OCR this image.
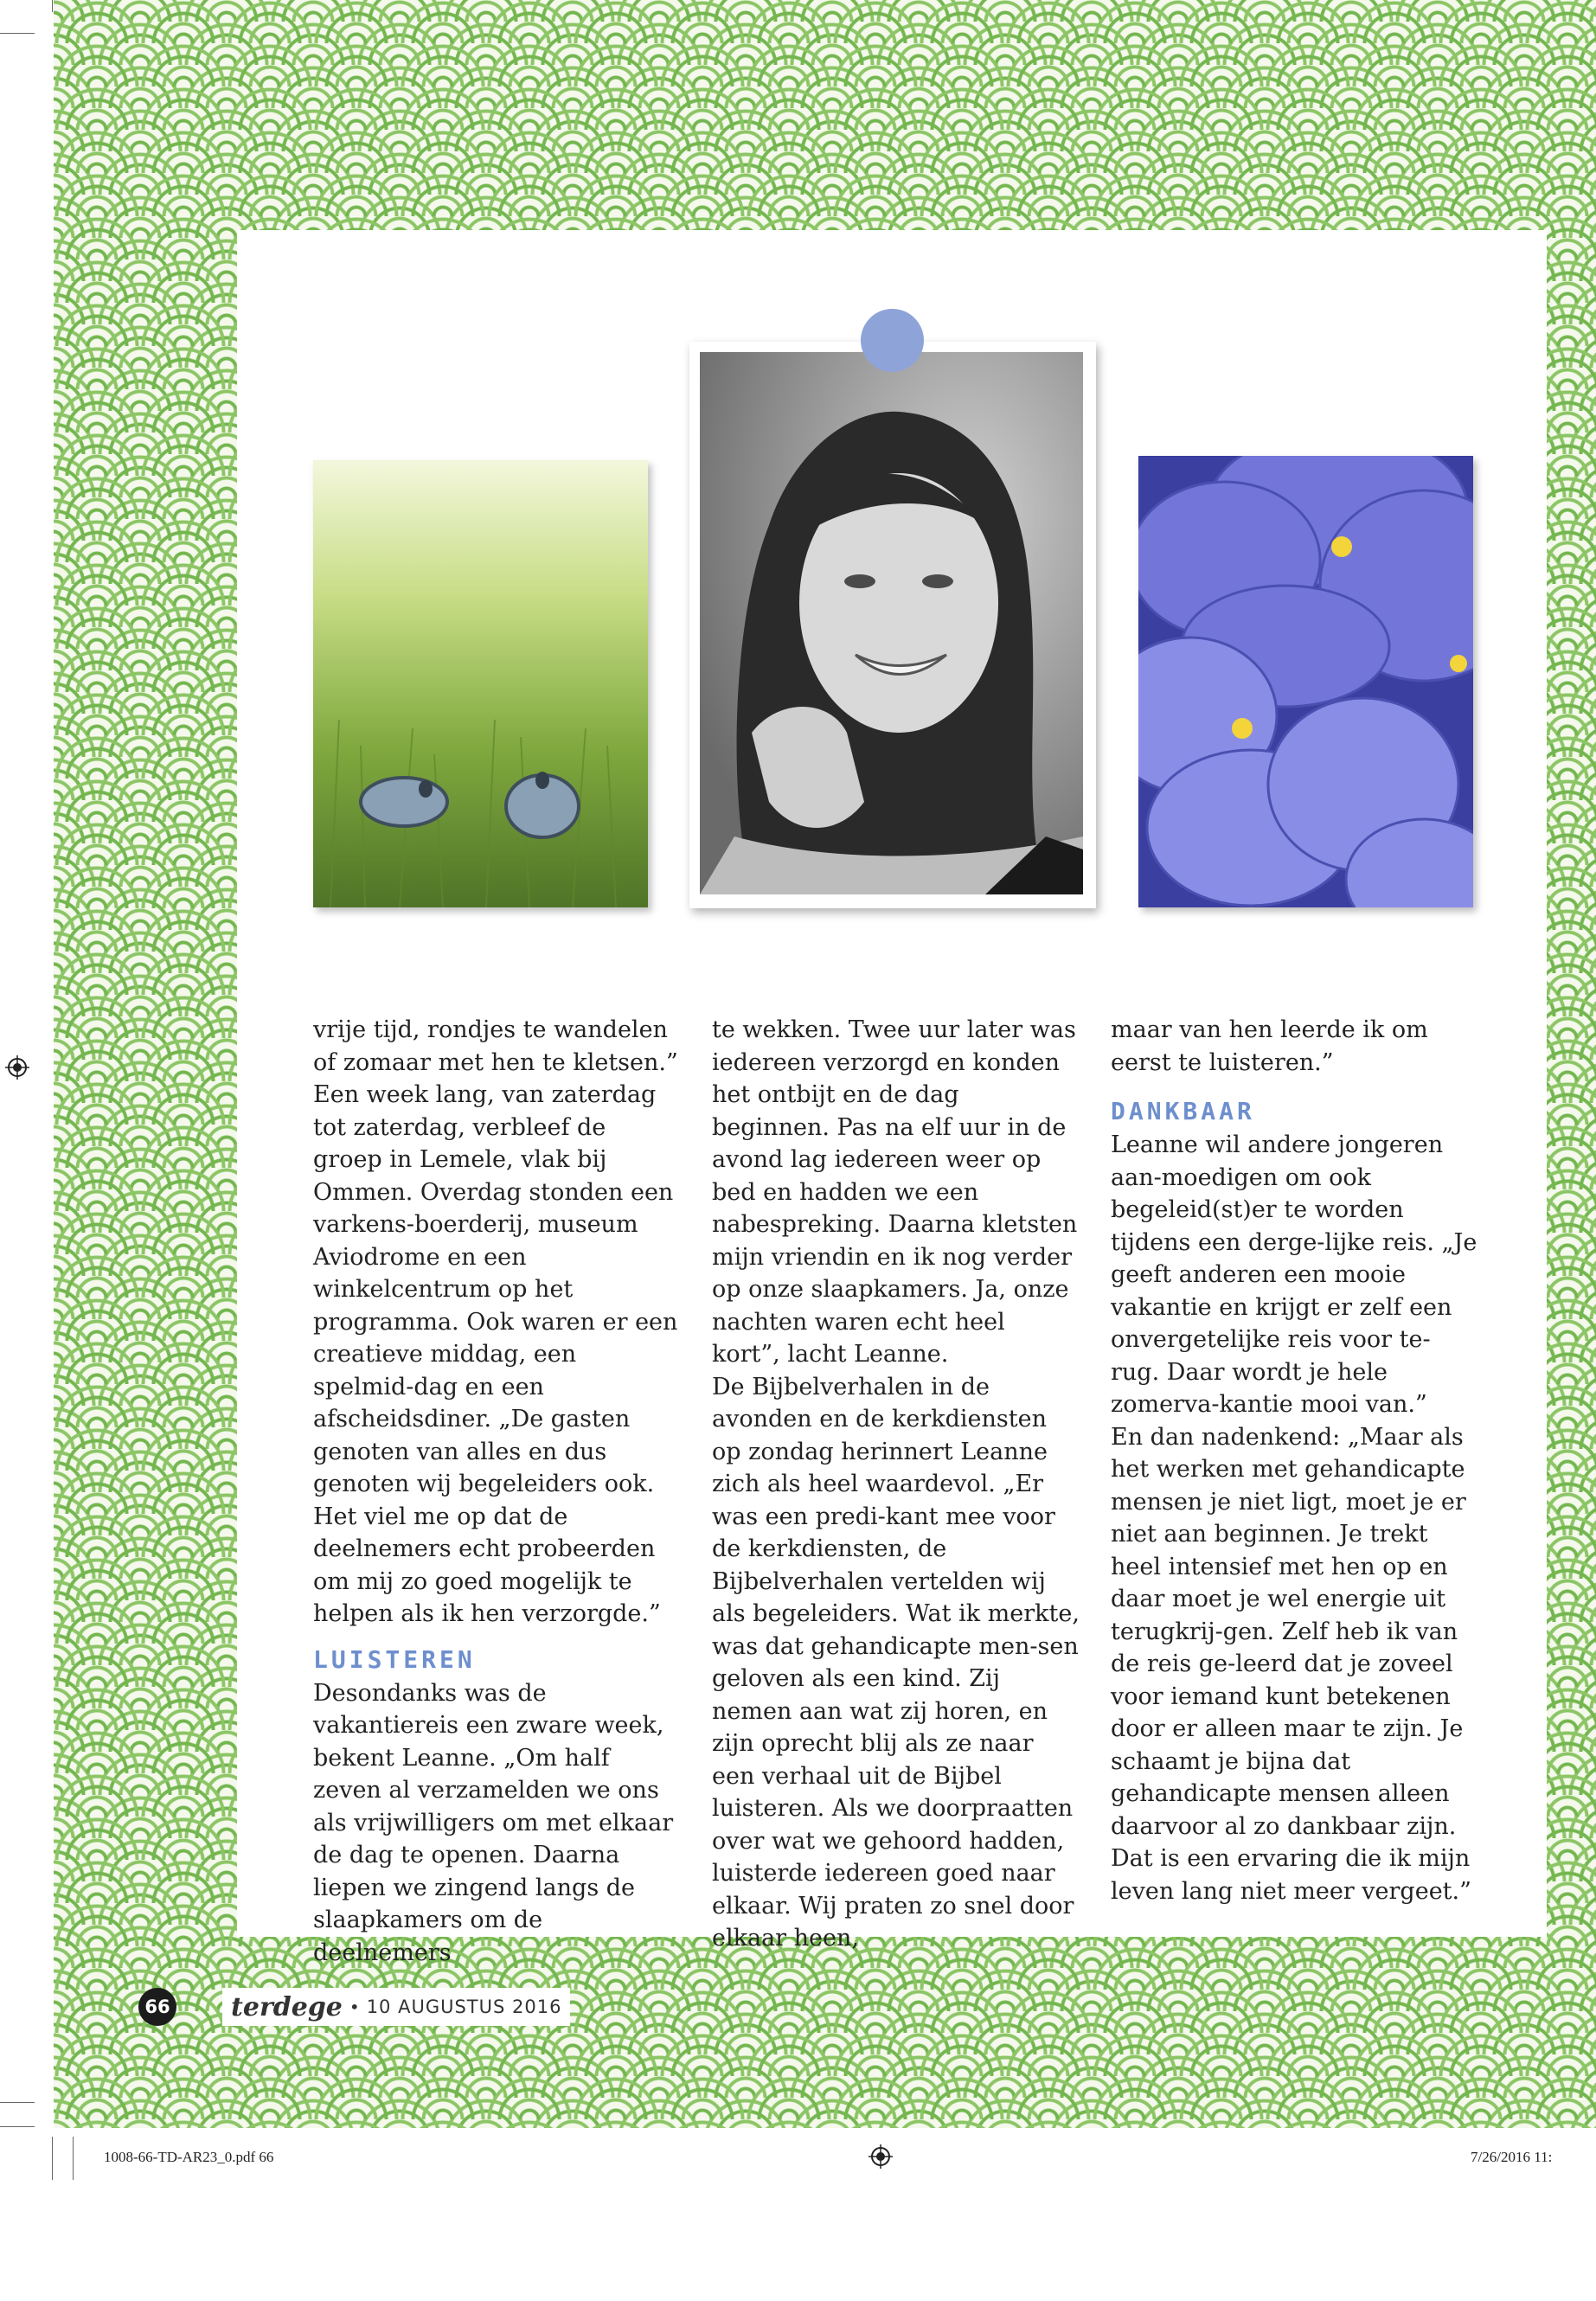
vrije tijd, rondjes te wandelen of zomaar met hen te kletsen.” Een week lang, van zaterdag tot zaterdag, verbleef de groep in Lemele, vlak bij Ommen. Overdag stonden een varkens-boerderij, museum Aviodrome en een winkelcentrum op het programma. Ook waren er een creatieve middag, een spelmid-dag en een afscheidsdiner. „De gasten genoten van alles en dus genoten wij begeleiders ook. Het viel me op dat de deelnemers echt probeerden om mij zo goed mogelijk te helpen als ik hen verzorgde.”

LUISTEREN

Desondanks was de vakantiereis een zware week, bekent Leanne. „Om half zeven al verzamelden we ons als vrijwilligers om met elkaar de dag te openen. Daarna liepen we zingend langs de slaapkamers om de deelnemers

te wekken. Twee uur later was iedereen verzorgd en konden het ontbijt en de dag beginnen. Pas na elf uur in de avond lag iedereen weer op bed en hadden we een nabespreking. Daarna kletsten mijn vriendin en ik nog verder op onze slaapkamers. Ja, onze nachten waren echt heel kort”, lacht Leanne.

De Bijbelverhalen in de avonden en de kerkdiensten op zondag herinnert Leanne zich als heel waardevol. „Er was een predi-kant mee voor de kerkdiensten, de Bijbelverhalen vertelden wij als begeleiders. Wat ik merkte, was dat gehandicapte men-sen geloven als een kind. Zij nemen aan wat zij horen, en zijn oprecht blij als ze naar een verhaal uit de Bijbel luisteren. Als we doorpraatten over wat we gehoord hadden, luisterde iedereen goed naar elkaar. Wij praten zo snel door elkaar heen,

maar van hen leerde ik om eerst te luisteren.”

DANKBAAR

Leanne wil andere jongeren aan-moedigen om ook begeleid(st)er te worden tijdens een derge-lijke reis. „Je geeft anderen een mooie vakantie en krijgt er zelf een onvergetelijke reis voor te-rug. Daar wordt je hele zomerva-kantie mooi van.”

En dan nadenkend: „Maar als het werken met gehandicapte mensen je niet ligt, moet je er niet aan beginnen. Je trekt heel intensief met hen op en daar moet je wel energie uit terugkrij-gen. Zelf heb ik van de reis ge-leerd dat je zoveel voor iemand kunt betekenen door er alleen maar te zijn. Je schaamt je bijna dat gehandicapte mensen alleen daarvoor al zo dankbaar zijn. Dat is een ervaring die ik mijn leven lang niet meer vergeet.”

66 terdege • 10 AUGUSTUS 2016
1008-66-TD-AR23_0.pdf 66	7/26/2016 11:
